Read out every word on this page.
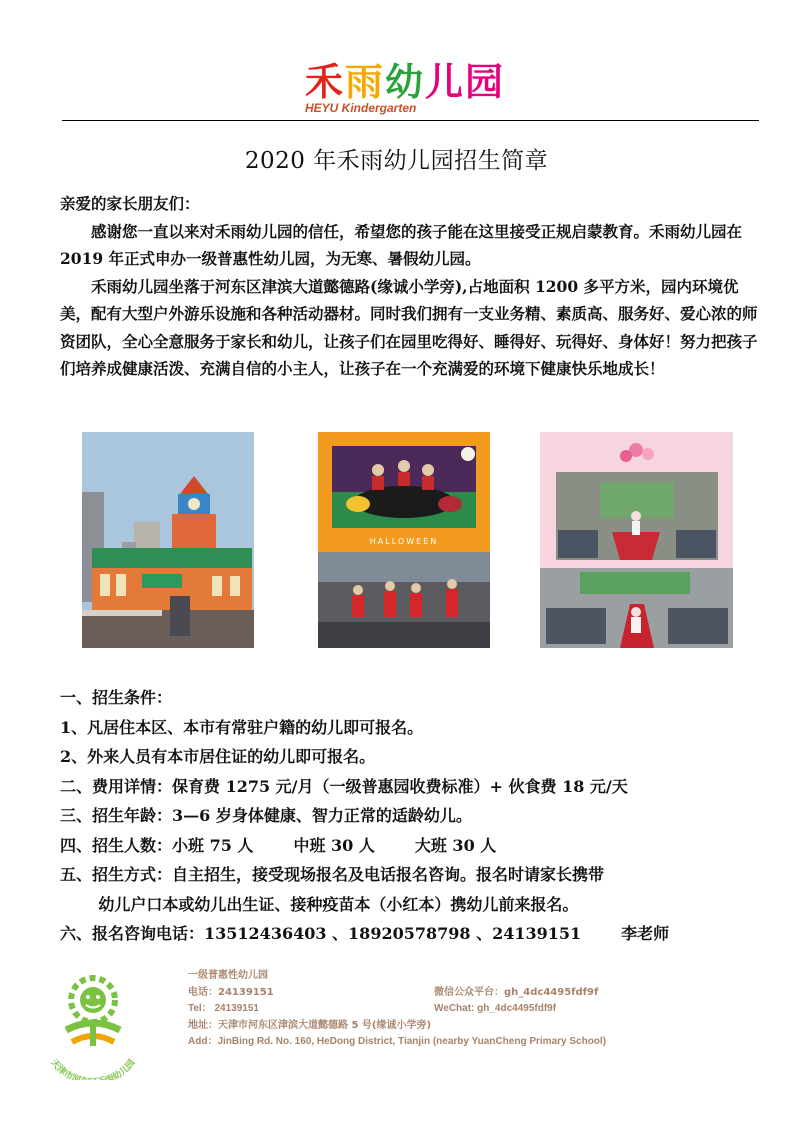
禾雨幼儿园
HEYU Kindergarten
2020 年禾雨幼儿园招生简章

亲爱的家长朋友们：

感谢您一直以来对禾雨幼儿园的信任，希望您的孩子能在这里接受正规启蒙教育。禾雨幼儿园在 2019 年正式申办一级普惠性幼儿园，为无寒、暑假幼儿园。

禾雨幼儿园坐落于河东区津滨大道懿德路(缘诚小学旁),占地面积 1200 多平方米，园内环境优美，配有大型户外游乐设施和各种活动器材。同时我们拥有一支业务精、素质高、服务好、爱心浓的师资团队，全心全意服务于家长和幼儿，让孩子们在园里吃得好、睡得好、玩得好、身体好！努力把孩子们培养成健康活泼、充满自信的小主人，让孩子在一个充满爱的环境下健康快乐地成长！

HALLOWEEN

一、招生条件：

1、凡居住本区、本市有常驻户籍的幼儿即可报名。

2、外来人员有本市居住证的幼儿即可报名。

二、费用详情：保育费 1275 元/月（一级普惠园收费标准）+ 伙食费 18 元/天

三、招生年龄：3—6 岁身体健康、智力正常的适龄幼儿。

四、招生人数：小班 75 人	中班 30 人	大班 30 人

五、招生方式：自主招生，接受现场报名及电话报名咨询。报名时请家长携带

幼儿户口本或幼儿出生证、接种疫苗本（小红本）携幼儿前来报名。

六、报名咨询电话：13512436403 、18920578798 、24139151	李老师

天津市河 雨幼儿园
一级普惠性幼儿园
电话：24139151	微信公众平台：gh_4dc4495fdf9f
Tel： 24139151	WeChat: gh_4dc4495fdf9f
地址：天津市河东区津滨大道懿德路 5 号(缘诚小学旁)
Add：JinBing Rd. No. 160, HeDong District, Tianjin (nearby YuanCheng Primary School)
